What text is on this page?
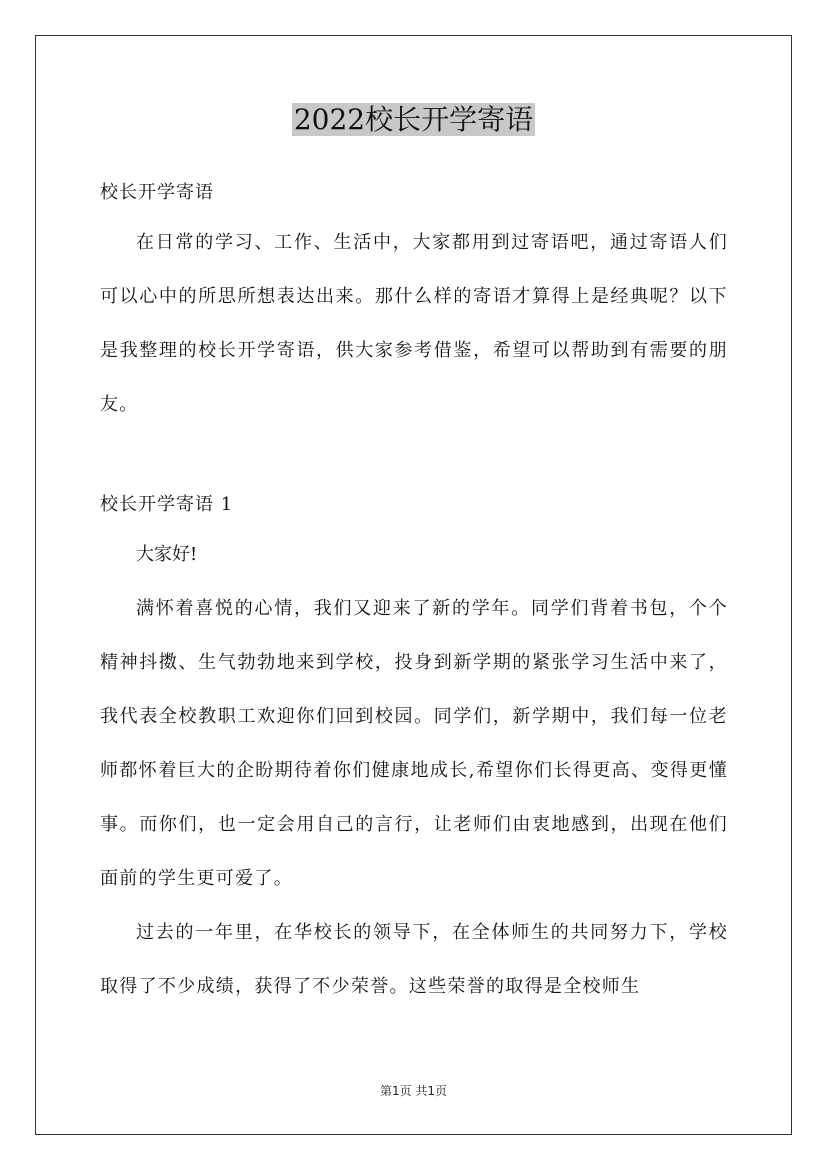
2022校长开学寄语

校长开学寄语

在日常的学习、工作、生活中，大家都用到过寄语吧，通过寄语人们可以心中的所思所想表达出来。那什么样的寄语才算得上是经典呢？以下是我整理的校长开学寄语，供大家参考借鉴，希望可以帮助到有需要的朋友。

校长开学寄语 1

大家好!

满怀着喜悦的心情，我们又迎来了新的学年。同学们背着书包，个个精神抖擞、生气勃勃地来到学校，投身到新学期的紧张学习生活中来了，我代表全校教职工欢迎你们回到校园。同学们，新学期中，我们每一位老师都怀着巨大的企盼期待着你们健康地成长,希望你们长得更高、变得更懂事。而你们，也一定会用自己的言行，让老师们由衷地感到，出现在他们面前的学生更可爱了。

过去的一年里，在华校长的领导下，在全体师生的共同努力下，学校取得了不少成绩，获得了不少荣誉。这些荣誉的取得是全校师生

第1页 共1页
